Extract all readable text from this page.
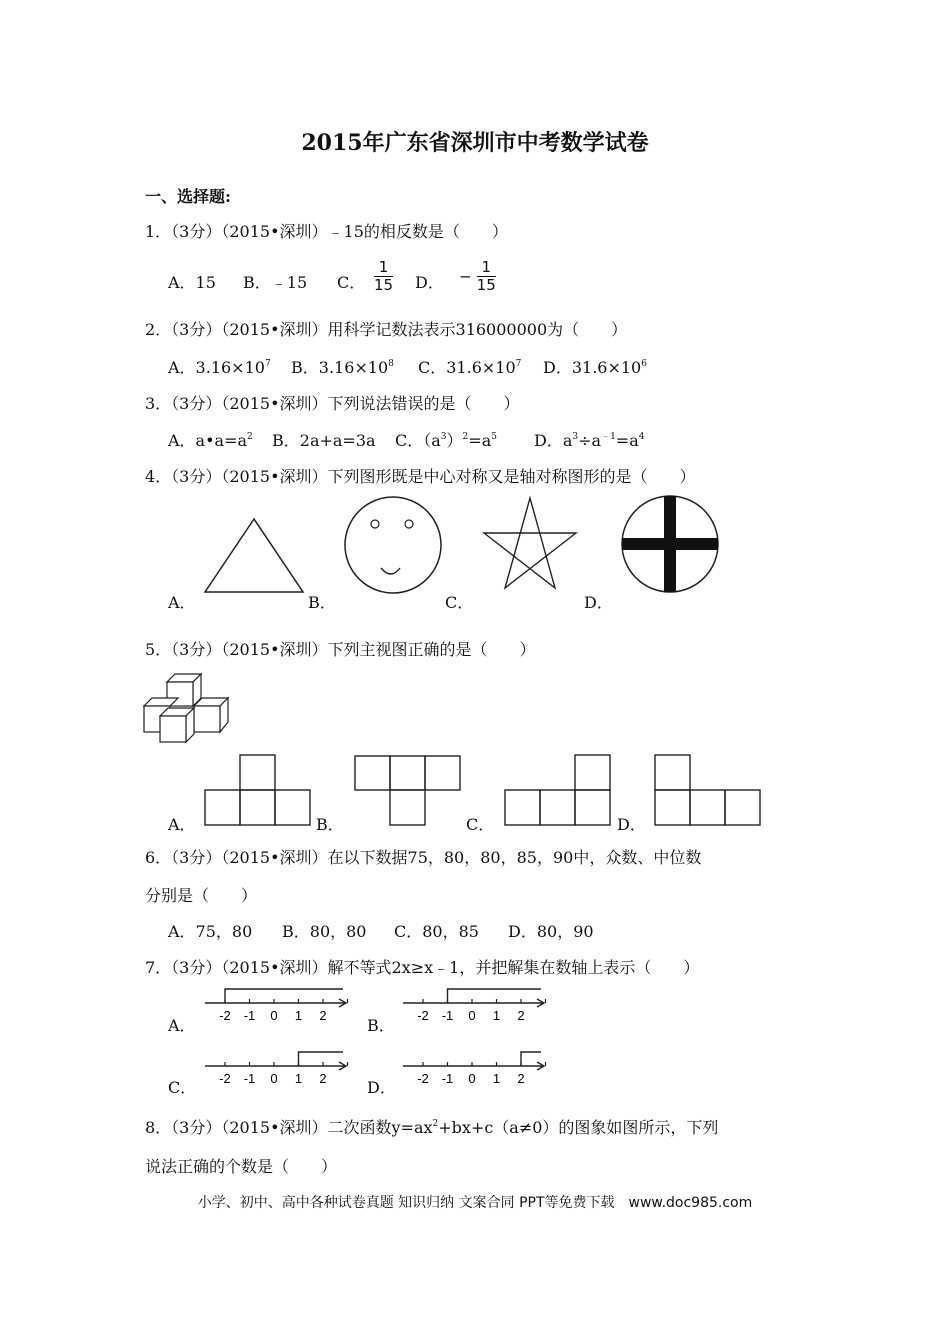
2015年广东省深圳市中考数学试卷
一、选择题:
1．（3分）（2015•深圳）﹣15的相反数是（　　）
A．15 B．﹣15 C． $\frac{1}{15}$ D． − $\frac{1}{15}$
2．（3分）（2015•深圳）用科学记数法表示316000000为（　　）
A．$3.16\times 10^7$ B．$3.16\times 10^8$ C．$31.6\times 10^7$ D．$31.6\times 10^6$
3．（3分）（2015•深圳）下列说法错误的是（　　）
A．$a•a=a^2$ B．2a+a=3a C．$(a^3)^2=a^5$ D．$a^3\div a^{﹣1}=a^4$
4．（3分）（2015•深圳）下列图形既是中心对称又是轴对称图形的是（　　）
A．	B．	C．	D．
5．（3分）（2015•深圳）下列主视图正确的是（　　）
A．	B．	C．	D．
6．（3分）（2015•深圳）在以下数据75，80，80，85，90中，众数、中位数
分别是（　　）
A．75，80 B．80，80 C．80，85 D．80，90
7．（3分）（2015•深圳）解不等式2x≥x﹣1，并把解集在数轴上表示（　　）
-2 -1 0 1 2	-2 -1 0 1 2
-2 -1 0 1 2	-2 -1 0 1 2
A．	B．
C．	D．
8．（3分）（2015•深圳）二次函数$y=ax^2+bx+c(a\ne 0)$的图象如图所示，下列
说法正确的个数是（　　）
小学、初中、高中各种试卷真题 知识归纳 文案合同 PPT等免费下载　www.doc985.com
